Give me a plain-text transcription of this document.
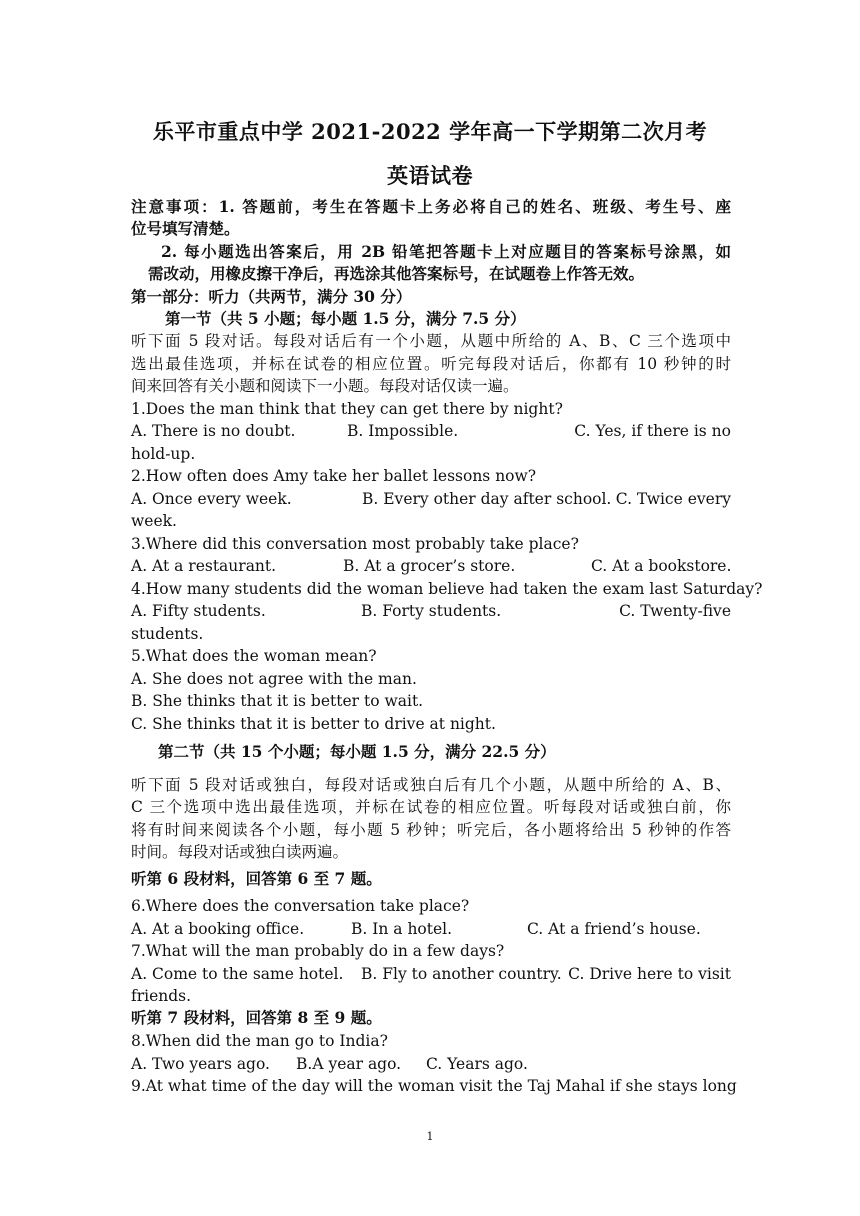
乐平市重点中学 2021-2022 学年高一下学期第二次月考
英语试卷
注意事项：1. 答题前，考生在答题卡上务必将自己的姓名、班级、考生号、座
位号填写清楚。
2. 每小题选出答案后，用 2B 铅笔把答题卡上对应题目的答案标号涂黑，如
需改动，用橡皮擦干净后，再选涂其他答案标号，在试题卷上作答无效。
第一部分：听力（共两节，满分 30 分）
第一节（共 5 小题；每小题 1.5 分，满分 7.5 分）
听下面 5 段对话。每段对话后有一个小题，从题中所给的 A、B、C 三个选项中
选出最佳选项，并标在试卷的相应位置。听完每段对话后，你都有 10 秒钟的时
间来回答有关小题和阅读下一小题。每段对话仅读一遍。
1.Does the man think that they can get there by night?
A. There is no doubt.	B. Impossible.	C. Yes, if there is no
hold-up.
2.How often does Amy take her ballet lessons now?
A. Once every week.	B. Every other day after school. C. Twice every
week.
3.Where did this conversation most probably take place?
A. At a restaurant.	B. At a grocer’s store.	C. At a bookstore.
4.How many students did the woman believe had taken the exam last Saturday?
A. Fifty students.	B. Forty students.	C. Twenty-five
students.
5.What does the woman mean?
A. She does not agree with the man.
B. She thinks that it is better to wait.
C. She thinks that it is better to drive at night.
第二节（共 15 个小题；每小题 1.5 分，满分 22.5 分）
听下面 5 段对话或独白，每段对话或独白后有几个小题，从题中所给的 A、B、
C 三个选项中选出最佳选项，并标在试卷的相应位置。听每段对话或独白前，你
将有时间来阅读各个小题，每小题 5 秒钟；听完后，各小题将给出 5 秒钟的作答
时间。每段对话或独白读两遍。
听第 6 段材料，回答第 6 至 7 题。
6.Where does the conversation take place?
A. At a booking office.	B. In a hotel.	C. At a friend’s house.
7.What will the man probably do in a few days?
A. Come to the same hotel. B. Fly to another country. C. Drive here to visit
friends.
听第 7 段材料，回答第 8 至 9 题。
8.When did the man go to India?
A. Two years ago. B.A year ago. C. Years ago.
9.At what time of the day will the woman visit the Taj Mahal if she stays long
1
